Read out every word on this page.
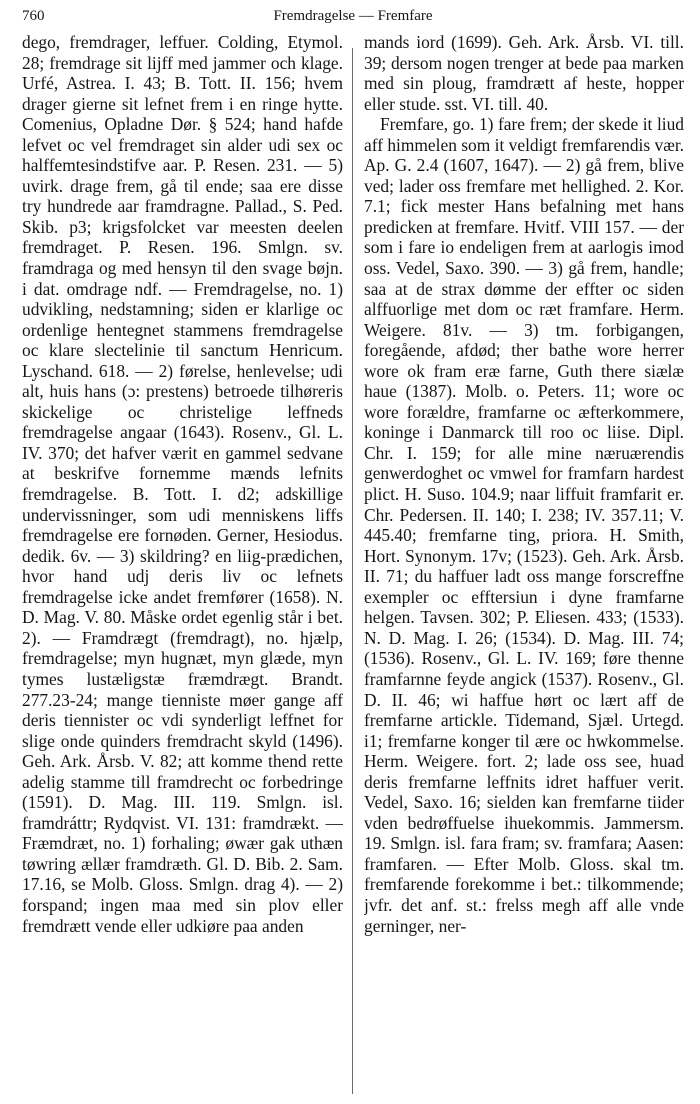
760	Fremdragelse — Fremfare

dego, fremdrager, leffuer. Colding, Etymol. 28; fremdrage sit lijff med jammer och klage. Urfé, Astrea. I. 43; B. Tott. II. 156; hvem drager gierne sit lefnet frem i en ringe hytte. Comenius, Opladne Dør. § 524; hand hafde lefvet oc vel fremdraget sin alder udi sex oc halffemtesindstifve aar. P. Resen. 231. — 5) uvirk. drage frem, gå til ende; saa ere disse try hundrede aar framdragne. Pallad., S. Ped. Skib. p3; krigsfolcket var meesten deelen fremdraget. P. Resen. 196. Smlgn. sv. framdraga og med hensyn til den svage bøjn. i dat. omdrage ndf. — Fremdragelse, no. 1) udvikling, nedstamning; siden er klarlige oc ordenlige hentegnet stammens fremdragelse oc klare slectelinie til sanctum Henricum. Lyschand. 618. — 2) førelse, henlevelse; udi alt, huis hans (ɔ: prestens) betroede tilhøreris skickelige oc christelige leffneds fremdragelse angaar (1643). Rosenv., Gl. L. IV. 370; det hafver værit en gammel sedvane at beskrifve fornemme mænds lefnits fremdragelse. B. Tott. I. d2; adskillige undervissninger, som udi menniskens liffs fremdragelse ere fornøden. Gerner, Hesiodus. dedik. 6v. — 3) skildring? en liig-prædichen, hvor hand udj deris liv oc lefnets fremdragelse icke andet fremfører (1658). N. D. Mag. V. 80. Måske ordet egenlig står i bet. 2). — Framdrægt (fremdragt), no. hjælp, fremdragelse; myn hugnæt, myn glæde, myn tymes lustæligstæ fræmdrægt. Brandt. 277.23-24; mange tienniste møer gange aff deris tiennister oc vdi synderligt leffnet for slige onde quinders fremdracht skyld (1496). Geh. Ark. Årsb. V. 82; att komme thend rette adelig stamme till framdrecht oc forbedringe (1591). D. Mag. III. 119. Smlgn. isl. framdráttr; Rydqvist. VI. 131: framdrækt. — Fræmdræt, no. 1) forhaling; øwær gak uthæn tøwring ællær framdræth. Gl. D. Bib. 2. Sam. 17.16, se Molb. Gloss. Smlgn. drag 4). — 2) forspand; ingen maa med sin plov eller fremdrætt vende eller udkiøre paa anden

mands iord (1699). Geh. Ark. Årsb. VI. till. 39; dersom nogen trenger at bede paa marken med sin ploug, framdrætt af heste, hopper eller stude. sst. VI. till. 40.

Fremfare, go. 1) fare frem; der skede it liud aff himmelen som it veldigt fremfarendis vær. Ap. G. 2.4 (1607, 1647). — 2) gå frem, blive ved; lader oss fremfare met hellighed. 2. Kor. 7.1; fick mester Hans befalning met hans predicken at fremfare. Hvitf. VIII 157. — der som i fare io endeligen frem at aarlogis imod oss. Vedel, Saxo. 390. — 3) gå frem, handle; saa at de strax dømme der effter oc siden alffuorlige met dom oc ræt framfare. Herm. Weigere. 81v. — 3) tm. forbigangen, foregående, afdød; ther bathe wore herrer wore ok fram eræ farne, Guth there siælæ haue (1387). Molb. o. Peters. 11; wore oc wore forældre, framfarne oc æfterkommere, koninge i Danmarck till roo oc liise. Dipl. Chr. I. 159; for alle mine næruærendis genwerdoghet oc vmwel for framfarn hardest plict. H. Suso. 104.9; naar liffuit framfarit er. Chr. Pedersen. II. 140; I. 238; IV. 357.11; V. 445.40; fremfarne ting, priora. H. Smith, Hort. Synonym. 17v; (1523). Geh. Ark. Årsb. II. 71; du haffuer ladt oss mange forscreffne exempler oc efftersiun i dyne framfarne helgen. Tavsen. 302; P. Eliesen. 433; (1533). N. D. Mag. I. 26; (1534). D. Mag. III. 74; (1536). Rosenv., Gl. L. IV. 169; føre thenne framfarnne feyde angick (1537). Rosenv., Gl. D. II. 46; wi haffue hørt oc lært aff de fremfarne artickle. Tidemand, Sjæl. Urtegd. i1; fremfarne konger til ære oc hwkommelse. Herm. Weigere. fort. 2; lade oss see, huad deris fremfarne leffnits idret haffuer verit. Vedel, Saxo. 16; sielden kan fremfarne tiider vden bedrøffuelse ihuekommis. Jammersm. 19. Smlgn. isl. fara fram; sv. framfara; Aasen: framfaren. — Efter Molb. Gloss. skal tm. fremfarende forekomme i bet.: tilkommende; jvfr. det anf. st.: frelss megh aff alle vnde gerninger, ner-
